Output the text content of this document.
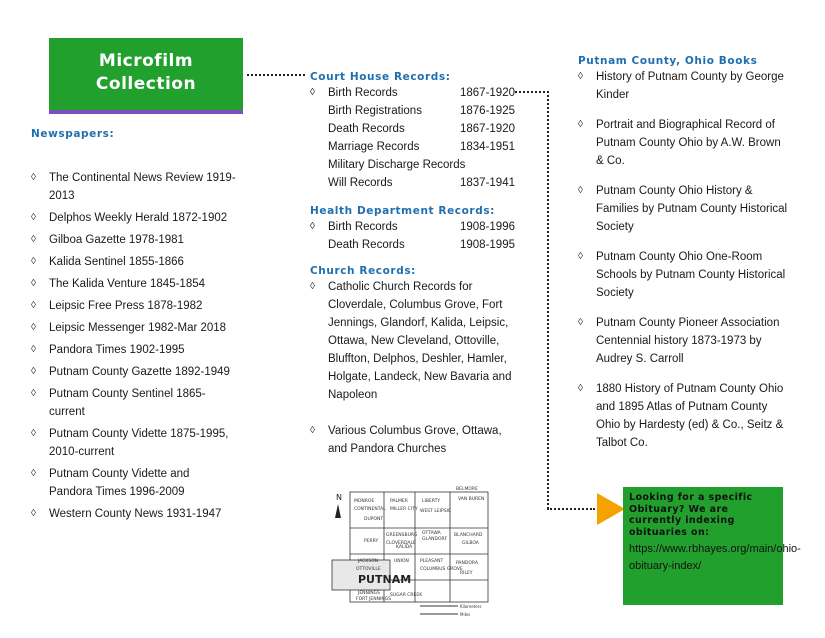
Microfilm
Collection
Newspapers:
◊ The Continental News Review 1919-2013
◊ Delphos Weekly Herald 1872-1902
◊ Gilboa Gazette 1978-1981
◊ Kalida Sentinel 1855-1866
◊ The Kalida Venture 1845-1854
◊ Leipsic Free Press 1878-1982
◊ Leipsic Messenger 1982-Mar 2018
◊ Pandora Times 1902-1995
◊ Putnam County Gazette 1892-1949
◊ Putnam County Sentinel 1865-current
◊ Putnam County Vidette 1875-1995, 2010-current
◊ Putnam County Vidette and Pandora Times 1996-2009
◊ Western County News 1931-1947
Court House Records:
◊ Birth Records	1867-1920
Birth Registrations	1876-1925
Death Records	1867-1920
Marriage Records	1834-1951
Military Discharge Records
Will Records	1837-1941
Health Department Records:
◊ Birth Records	1908-1996
Death Records	1908-1995
Church Records:
◊ Catholic Church Records for Cloverdale, Columbus Grove, Fort Jennings, Glandorf, Kalida, Leipsic, Ottawa, New Cleveland, Ottoville, Bluffton, Delphos, Deshler, Hamler, Holgate, Landeck, New Bavaria and Napoleon
◊ Various Columbus Grove, Ottawa, and Pandora Churches
PUTNAM
N	MONROE	PALMER	LIBERTY	VAN BUREN
BLANCHARD
PERRY
GREENSBURG OTTAWA
JACKSON	UNION PLEASANT	PANDORA
JENNINGS SUGAR CREEK
RILEY
BELMORE
MILLER CITY WEST LEIPSIC
GLANDORF
KALIDA
GILBOA
OTTOVILLE	COLUMBUS GROVE
FORT JENNINGS
CLOVERDALE
DUPONT
CONTINENTAL
Kilometers
Miles
Putnam County, Ohio Books
◊ History of Putnam County by George Kinder
◊ Portrait and Biographical Record of Putnam County Ohio by A.W. Brown & Co.
◊ Putnam County Ohio History & Families by Putnam County Historical Society
◊ Putnam County Ohio One-Room Schools by Putnam County Historical Society
◊ Putnam County Pioneer Association Centennial history 1873-1973 by Audrey S. Carroll
◊ 1880 History of Putnam County Ohio and 1895 Atlas of Putnam County Ohio by Hardesty (ed) & Co., Seitz & Talbot Co.
Looking for a specific Obituary? We are currently indexing obituaries on:
https://www.rbhayes.org/main/ohio-obituary-index/
